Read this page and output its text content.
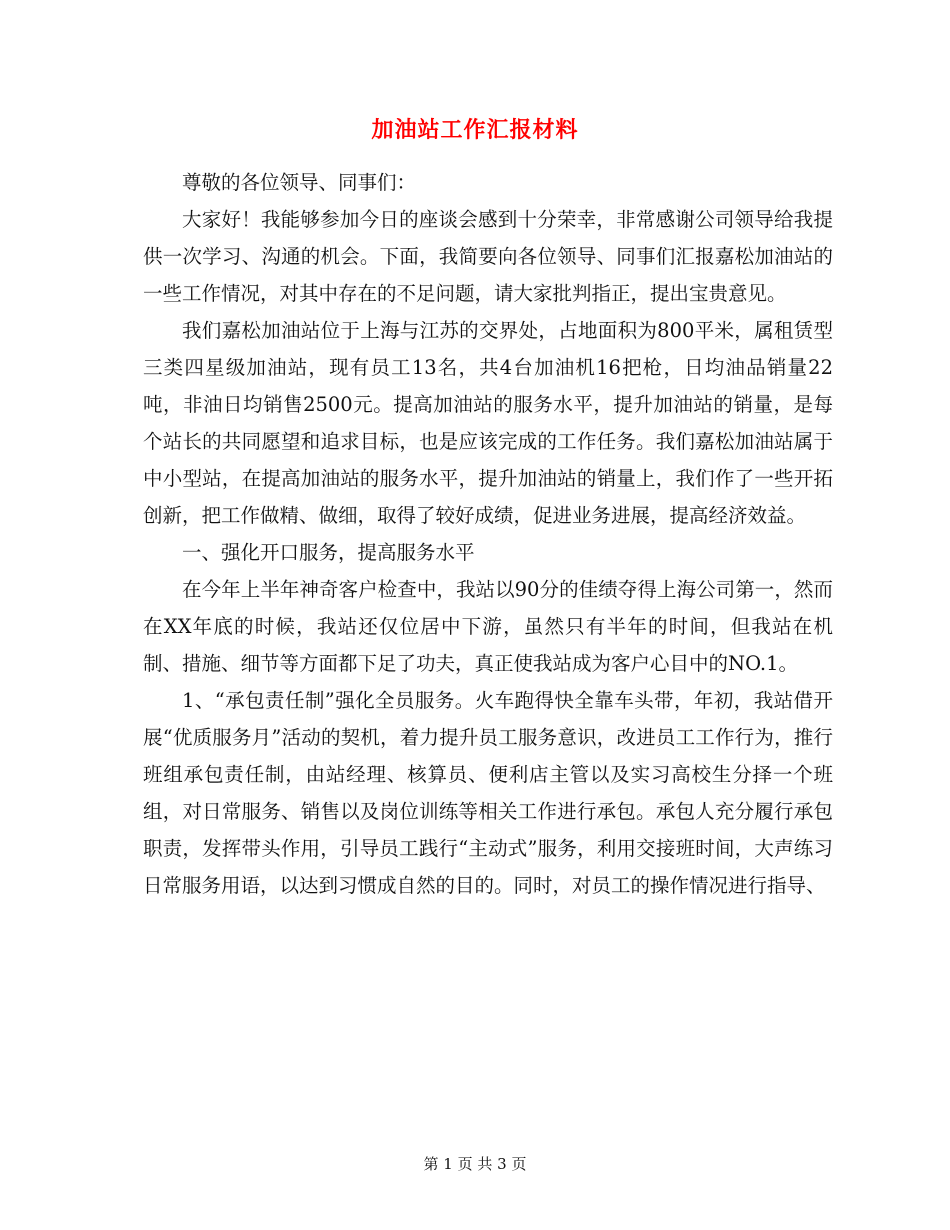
加油站工作汇报材料

尊敬的各位领导、同事们：

大家好！我能够参加今日的座谈会感到十分荣幸，非常感谢公司领导给我提供一次学习、沟通的机会。下面，我简要向各位领导、同事们汇报嘉松加油站的一些工作情况，对其中存在的不足问题，请大家批判指正，提出宝贵意见。

我们嘉松加油站位于上海与江苏的交界处，占地面积为800平米，属租赁型三类四星级加油站，现有员工13名，共4台加油机16把枪，日均油品销量22吨，非油日均销售2500元。提高加油站的服务水平，提升加油站的销量，是每个站长的共同愿望和追求目标，也是应该完成的工作任务。我们嘉松加油站属于中小型站，在提高加油站的服务水平，提升加油站的销量上，我们作了一些开拓创新，把工作做精、做细，取得了较好成绩，促进业务进展，提高经济效益。

一、强化开口服务，提高服务水平

在今年上半年神奇客户检查中，我站以90分的佳绩夺得上海公司第一，然而在XX年底的时候，我站还仅位居中下游，虽然只有半年的时间，但我站在机制、措施、细节等方面都下足了功夫，真正使我站成为客户心目中的NO.1。

1、“承包责任制”强化全员服务。火车跑得快全靠车头带，年初，我站借开展“优质服务月”活动的契机，着力提升员工服务意识，改进员工工作行为，推行班组承包责任制，由站经理、核算员、便利店主管以及实习高校生分择一个班组，对日常服务、销售以及岗位训练等相关工作进行承包。承包人充分履行承包职责，发挥带头作用，引导员工践行“主动式”服务，利用交接班时间，大声练习日常服务用语，以达到习惯成自然的目的。同时，对员工的操作情况进行指导、

第 1 页 共 3 页
